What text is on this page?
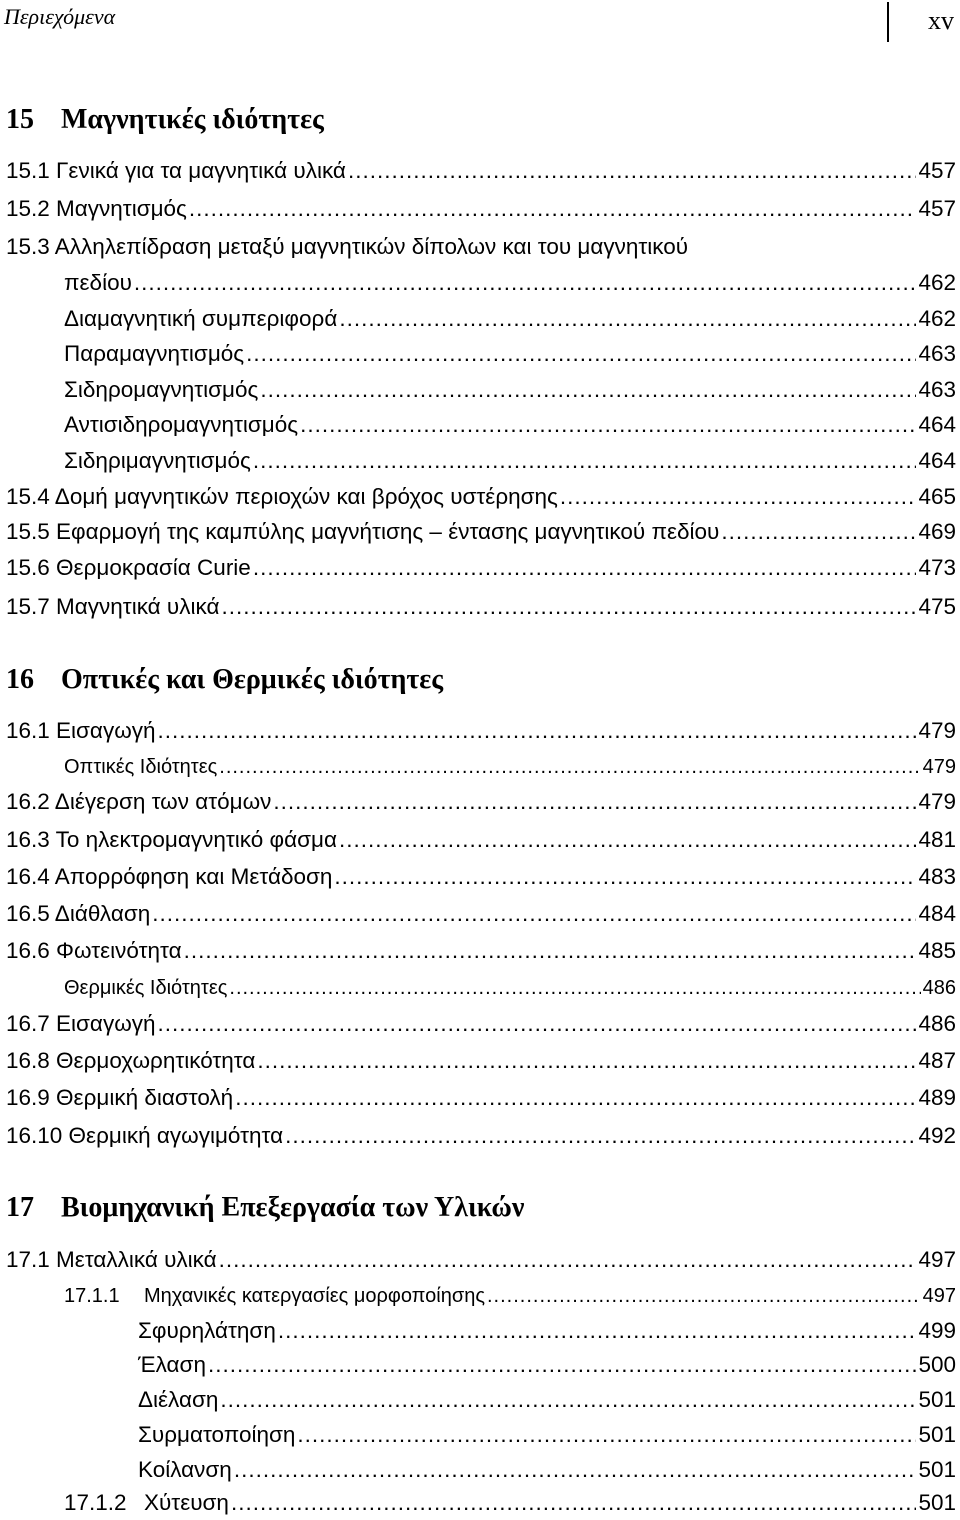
Περιεχόμενα	xv
15 Μαγνητικές ιδιότητες
15.1 Γενικά για τα μαγνητικά υλικά .....	457
15.2 Μαγνητισμός .....	457
15.3 Αλληλεπίδραση μεταξύ μαγνητικών δίπολων και του μαγνητικού
πεδίου .....	462
Διαμαγνητική συμπεριφορά .....	462
Παραμαγνητισμός .....	463
Σιδηρομαγνητισμός .....	463
Αντισιδηρομαγνητισμός .....	464
Σιδηριμαγνητισμός .....	464
15.4 Δομή μαγνητικών περιοχών και βρόχος υστέρησης .....	465
15.5 Εφαρμογή της καμπύλης μαγνήτισης – έντασης μαγνητικού πεδίου .....	469
15.6 Θερμοκρασία Curie .....	473
15.7 Μαγνητικά υλικά .....	475
16 Οπτικές και Θερμικές ιδιότητες
16.1 Εισαγωγή .....	479
Οπτικές Ιδιότητες .....	479
16.2 Διέγερση των ατόμων .....	479
16.3 Το ηλεκτρομαγνητικό φάσμα .....	481
16.4 Απορρόφηση και Μετάδοση .....	483
16.5 Διάθλαση .....	484
16.6 Φωτεινότητα .....	485
Θερμικές Ιδιότητες .....	486
16.7 Εισαγωγή .....	486
16.8 Θερμοχωρητικότητα .....	487
16.9 Θερμική διαστολή .....	489
16.10 Θερμική αγωγιμότητα .....	492
17 Βιομηχανική Επεξεργασία των Υλικών
17.1 Μεταλλικά υλικά .....	497
17.1.1 Μηχανικές κατεργασίες μορφοποίησης .....	497
Σφυρηλάτηση .....	499
Έλαση .....	500
Διέλαση .....	501
Συρματοποίηση .....	501
Κοίλανση .....	501
17.1.2 Χύτευση .....	501
